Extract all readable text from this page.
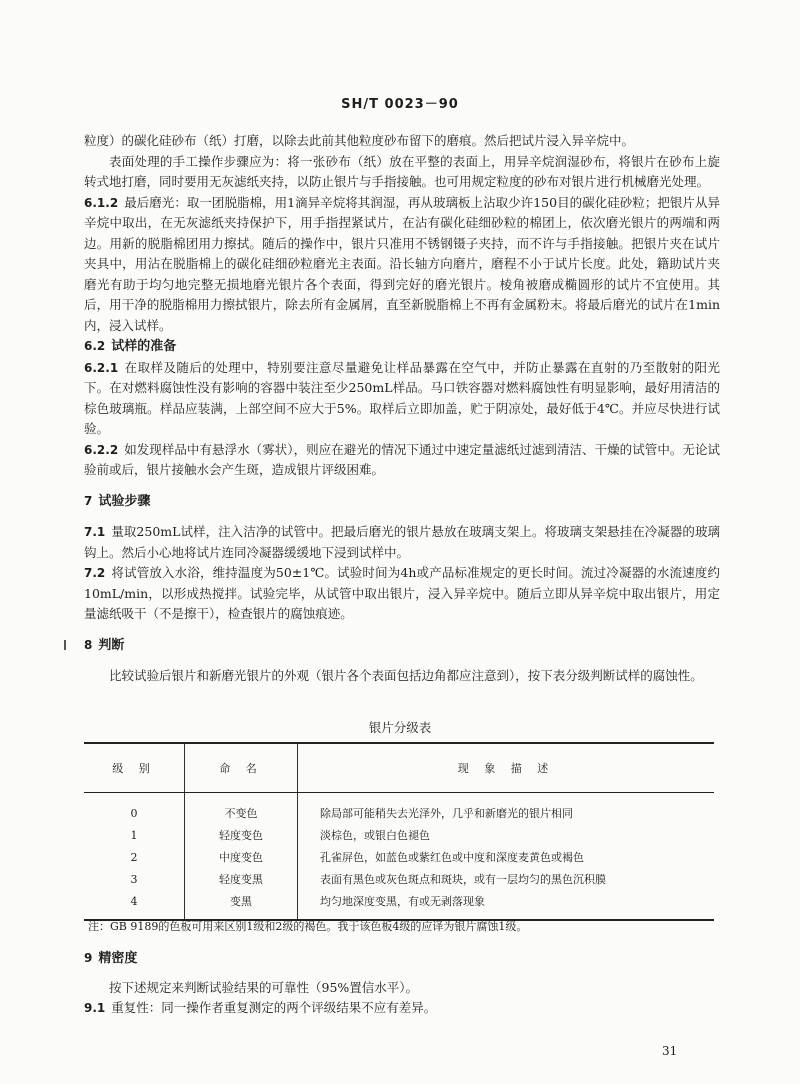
SH/T 0023－90

粒度）的碳化硅砂布（纸）打磨，以除去此前其他粒度砂布留下的磨痕。然后把试片浸入异辛烷中。

表面处理的手工操作步骤应为：将一张砂布（纸）放在平整的表面上，用异辛烷润湿砂布，将银片在砂布上旋转式地打磨，同时要用无灰滤纸夹持，以防止银片与手指接触。也可用规定粒度的砂布对银片进行机械磨光处理。

6.1.2 最后磨光：取一团脱脂棉，用1滴异辛烷将其润湿，再从玻璃板上沾取少许150目的碳化硅砂粒；把银片从异辛烷中取出，在无灰滤纸夹持保护下，用手指捏紧试片，在沾有碳化硅细砂粒的棉团上，依次磨光银片的两端和两边。用新的脱脂棉团用力擦拭。随后的操作中，银片只准用不锈钢镊子夹持，而不许与手指接触。把银片夹在试片夹具中，用沾在脱脂棉上的碳化硅细砂粒磨光主表面。沿长轴方向磨片，磨程不小于试片长度。此处，籍助试片夹磨光有助于均匀地完整无损地磨光银片各个表面，得到完好的磨光银片。棱角被磨成椭圆形的试片不宜使用。其后，用干净的脱脂棉用力擦拭银片，除去所有金属屑，直至新脱脂棉上不再有金属粉末。将最后磨光的试片在1min内，浸入试样。

6.2 试样的准备

6.2.1 在取样及随后的处理中，特别要注意尽量避免让样品暴露在空气中，并防止暴露在直射的乃至散射的阳光下。在对燃料腐蚀性没有影响的容器中装注至少250mL样品。马口铁容器对燃料腐蚀性有明显影响，最好用清洁的棕色玻璃瓶。样品应装满，上部空间不应大于5%。取样后立即加盖，贮于阴凉处，最好低于4℃。并应尽快进行试验。

6.2.2 如发现样品中有悬浮水（雾状），则应在避光的情况下通过中速定量滤纸过滤到清洁、干燥的试管中。无论试验前或后，银片接触水会产生斑，造成银片评级困难。

7 试验步骤

7.1 量取250mL试样，注入洁净的试管中。把最后磨光的银片悬放在玻璃支架上。将玻璃支架悬挂在冷凝器的玻璃钩上。然后小心地将试片连同冷凝器缓缓地下浸到试样中。

7.2 将试管放入水浴，维持温度为50±1℃。试验时间为4h或产品标准规定的更长时间。流过冷凝器的水流速度约10mL/min，以形成热搅拌。试验完毕，从试管中取出银片，浸入异辛烷中。随后立即从异辛烷中取出银片，用定量滤纸吸干（不是擦干），检查银片的腐蚀痕迹。

8 判断

比较试验后银片和新磨光银片的外观（银片各个表面包括边角都应注意到），按下表分级判断试样的腐蚀性。

银片分级表
级 别	命 名	现 象 描 述
0	不变色	除局部可能稍失去光泽外，几乎和新磨光的银片相同
1	轻度变色	淡棕色，或银白色褪色
2	中度变色	孔雀屏色，如蓝色或紫红色或中度和深度麦黄色或褐色
3	轻度变黑	表面有黑色或灰色斑点和斑块，或有一层均匀的黑色沉积膜
4	变黑	均匀地深度变黑，有或无剥落现象
注：GB 9189的色板可用来区别1级和2级的褐色。我于该色板4级的应译为银片腐蚀1级。

9 精密度

按下述规定来判断试验结果的可靠性（95%置信水平）。

9.1 重复性：同一操作者重复测定的两个评级结果不应有差异。

31
